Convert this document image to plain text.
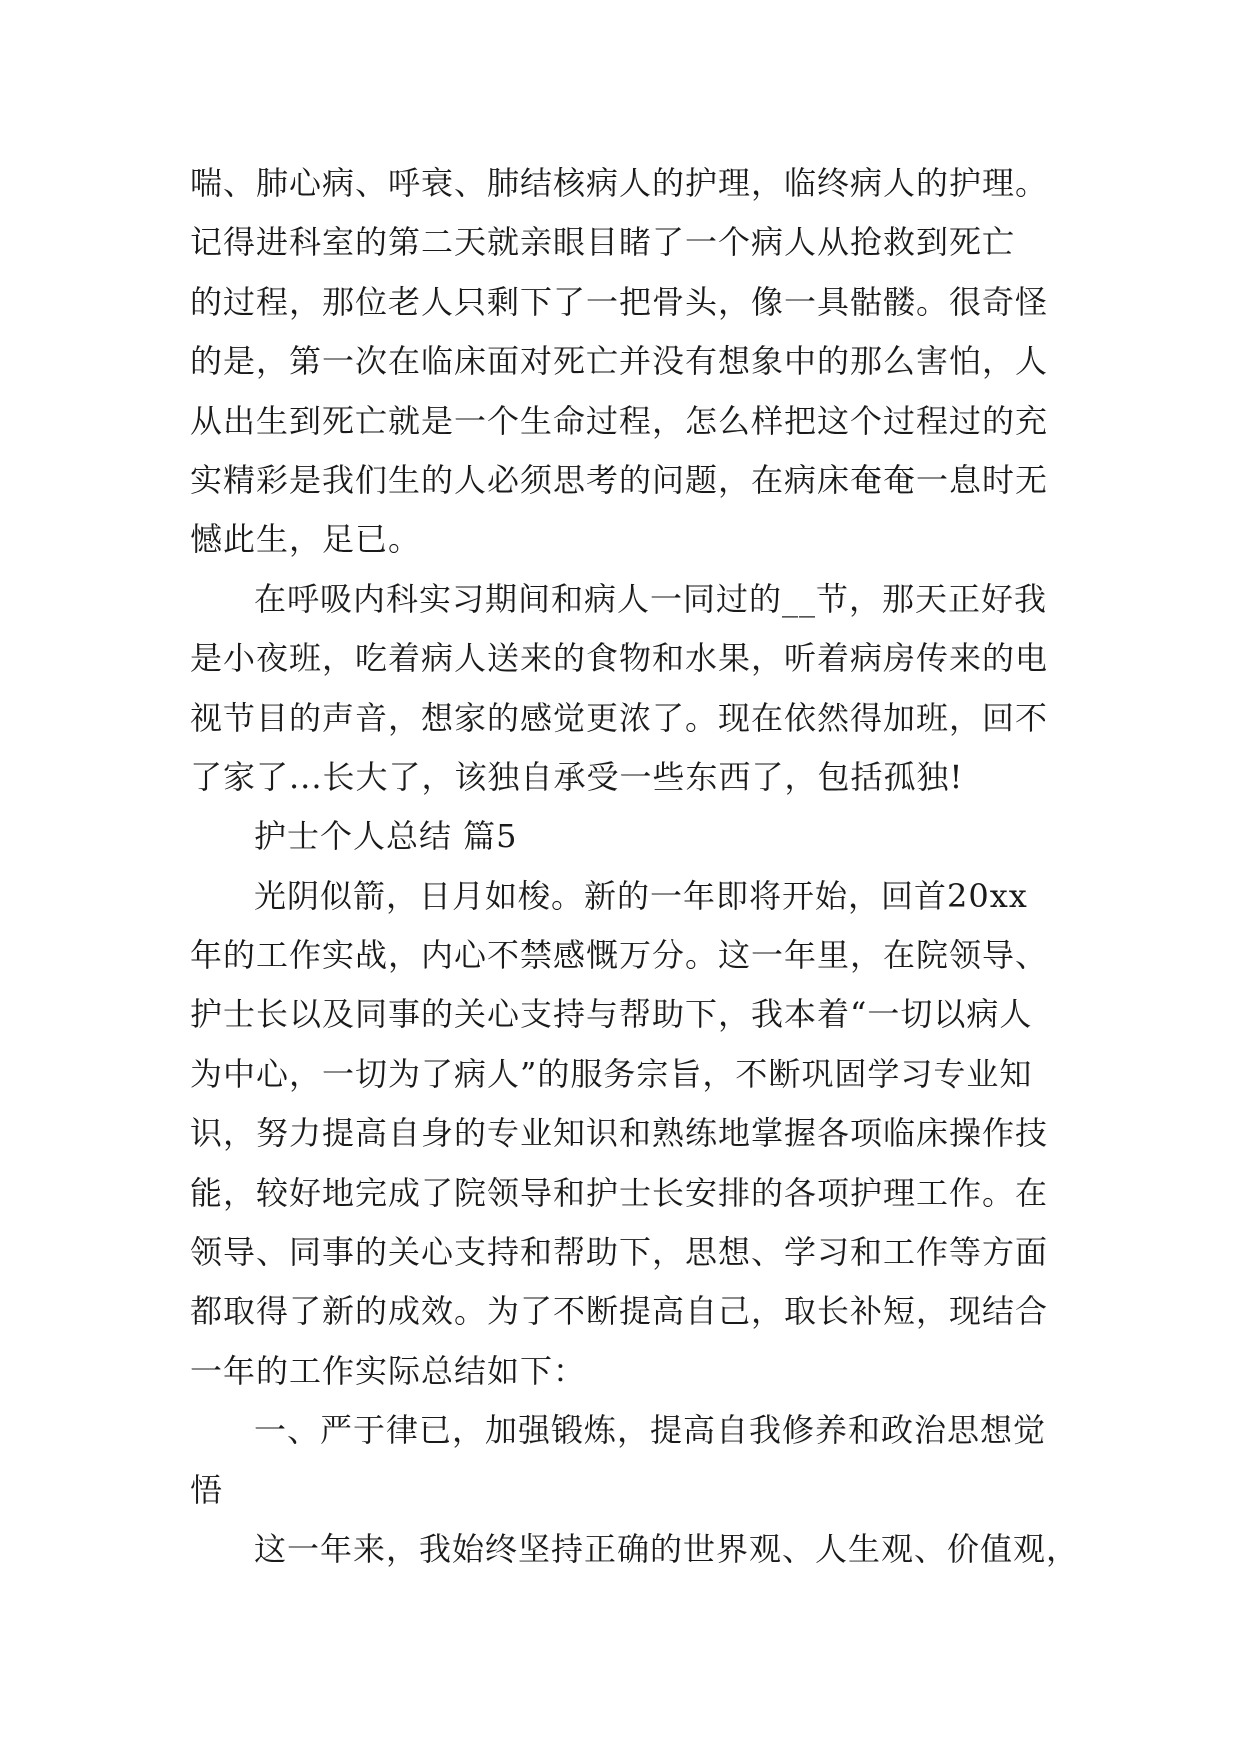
喘、肺心病、呼衰、肺结核病人的护理，临终病人的护理。
记得进科室的第二天就亲眼目睹了一个病人从抢救到死亡
的过程，那位老人只剩下了一把骨头，像一具骷髅。很奇怪
的是，第一次在临床面对死亡并没有想象中的那么害怕，人
从出生到死亡就是一个生命过程，怎么样把这个过程过的充
实精彩是我们生的人必须思考的问题，在病床奄奄一息时无
憾此生，足已。
在呼吸内科实习期间和病人一同过的__节，那天正好我
是小夜班，吃着病人送来的食物和水果，听着病房传来的电
视节目的声音，想家的感觉更浓了。现在依然得加班，回不
了家了...长大了，该独自承受一些东西了，包括孤独!
护士个人总结 篇5
光阴似箭，日月如梭。新的一年即将开始，回首20xx
年的工作实战，内心不禁感慨万分。这一年里，在院领导、
护士长以及同事的关心支持与帮助下，我本着“一切以病人
为中心，一切为了病人”的服务宗旨，不断巩固学习专业知
识，努力提高自身的专业知识和熟练地掌握各项临床操作技
能，较好地完成了院领导和护士长安排的各项护理工作。在
领导、同事的关心支持和帮助下，思想、学习和工作等方面
都取得了新的成效。为了不断提高自己，取长补短，现结合
一年的工作实际总结如下：
一、严于律已，加强锻炼，提高自我修养和政治思想觉
悟
这一年来，我始终坚持正确的世界观、人生观、价值观，
